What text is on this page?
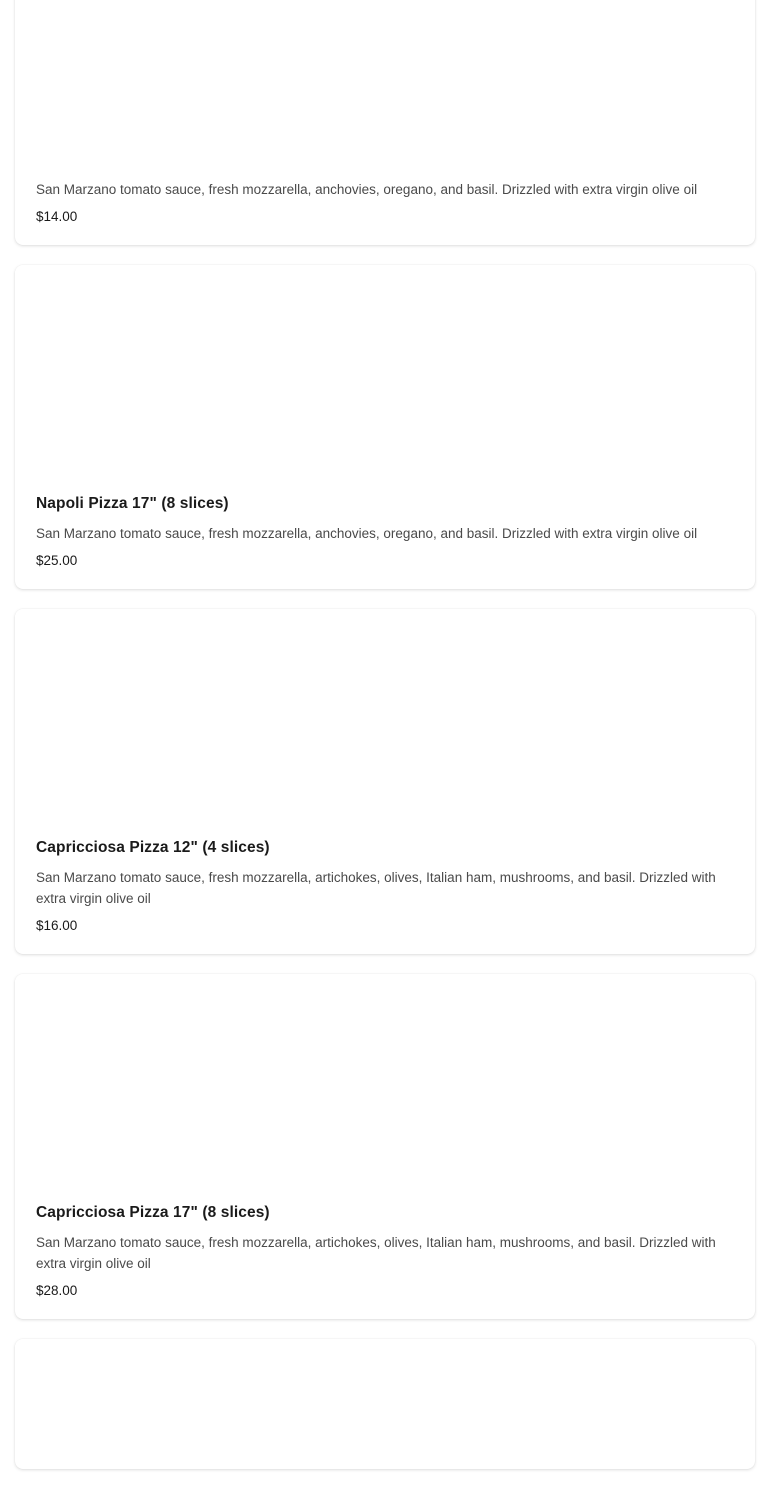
San Marzano tomato sauce, fresh mozzarella, anchovies, oregano, and basil. Drizzled with extra virgin olive oil
$14.00
Napoli Pizza 17" (8 slices)
San Marzano tomato sauce, fresh mozzarella, anchovies, oregano, and basil. Drizzled with extra virgin olive oil
$25.00
Capricciosa Pizza 12" (4 slices)
San Marzano tomato sauce, fresh mozzarella, artichokes, olives, Italian ham, mushrooms, and basil. Drizzled with extra virgin olive oil
$16.00
Capricciosa Pizza 17" (8 slices)
San Marzano tomato sauce, fresh mozzarella, artichokes, olives, Italian ham, mushrooms, and basil. Drizzled with extra virgin olive oil
$28.00
